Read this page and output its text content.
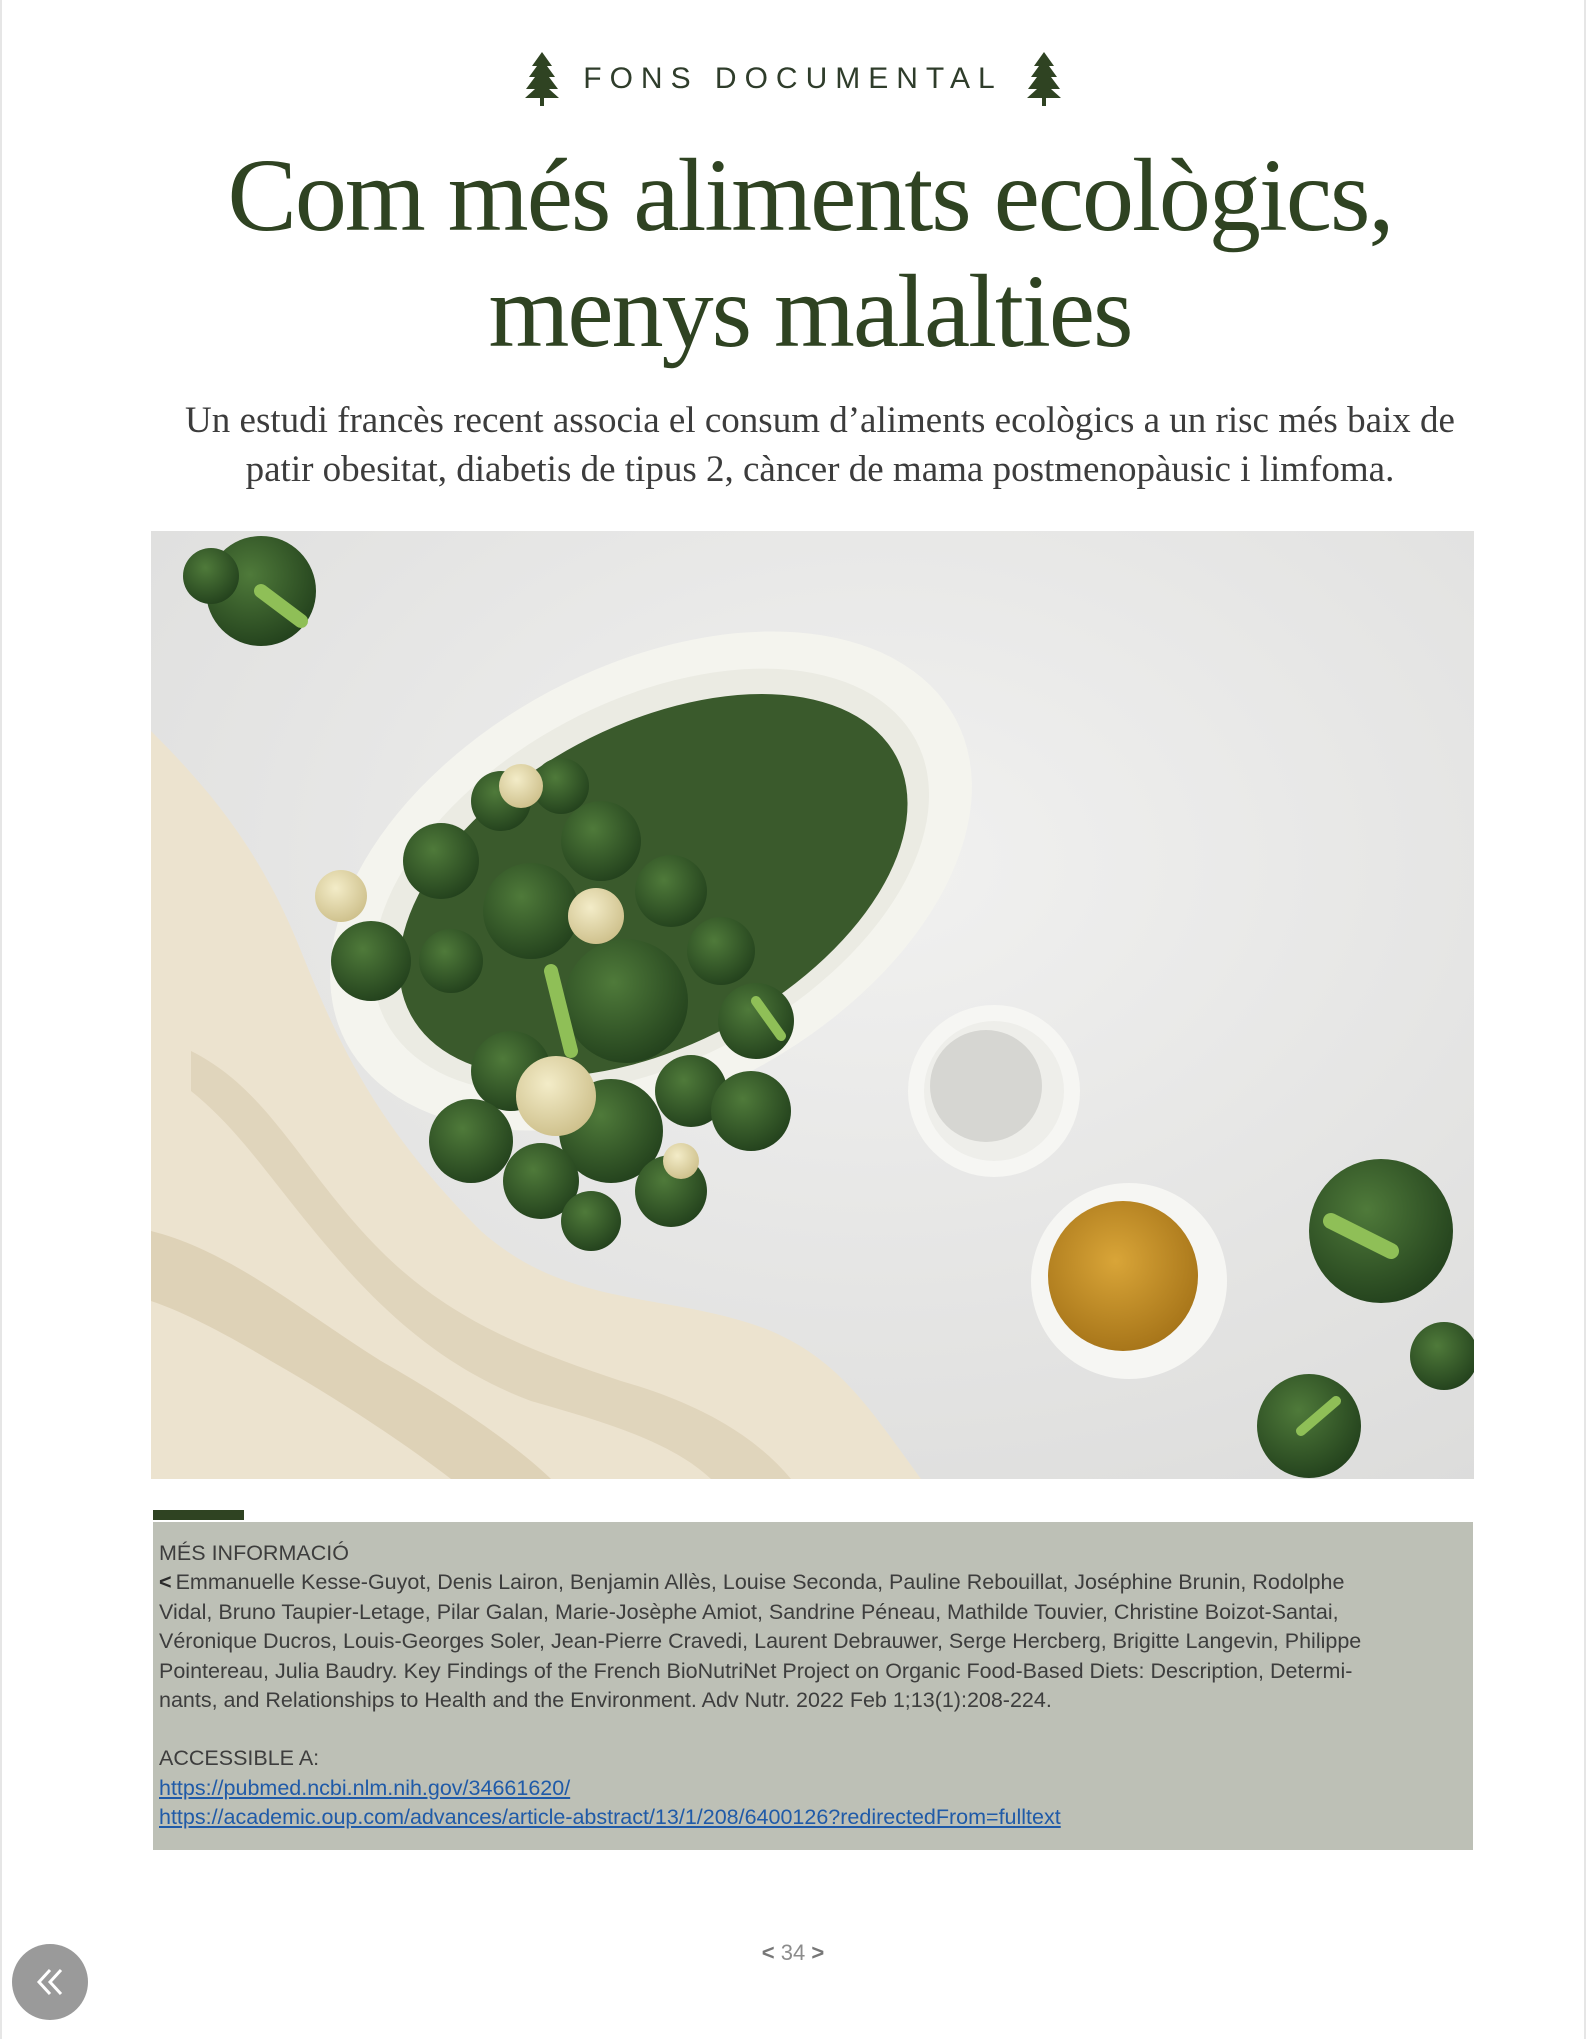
FONS DOCUMENTAL
Com més aliments ecològics,
menys malalties

Un estudi francès recent associa el consum d’aliments ecològics a un risc més baix de
patir obesitat, diabetis de tipus 2, càncer de mama postmenopàusic i limfoma.

MÉS INFORMACIÓ
< Emmanuelle Kesse-Guyot, Denis Lairon, Benjamin Allès, Louise Seconda, Pauline Rebouillat, Joséphine Brunin, Rodolphe
Vidal, Bruno Taupier-Letage, Pilar Galan, Marie-Josèphe Amiot, Sandrine Péneau, Mathilde Touvier, Christine Boizot-Santai,
Véronique Ducros, Louis-Georges Soler, Jean-Pierre Cravedi, Laurent Debrauwer, Serge Hercberg, Brigitte Langevin, Philippe
Pointereau, Julia Baudry. Key Findings of the French BioNutriNet Project on Organic Food-Based Diets: Description, Determi-
nants, and Relationships to Health and the Environment. Adv Nutr. 2022 Feb 1;13(1):208-224.
ACCESSIBLE A:
https://pubmed.ncbi.nlm.nih.gov/34661620/
https://academic.oup.com/advances/article-abstract/13/1/208/6400126?redirectedFrom=fulltext
< 34 >
